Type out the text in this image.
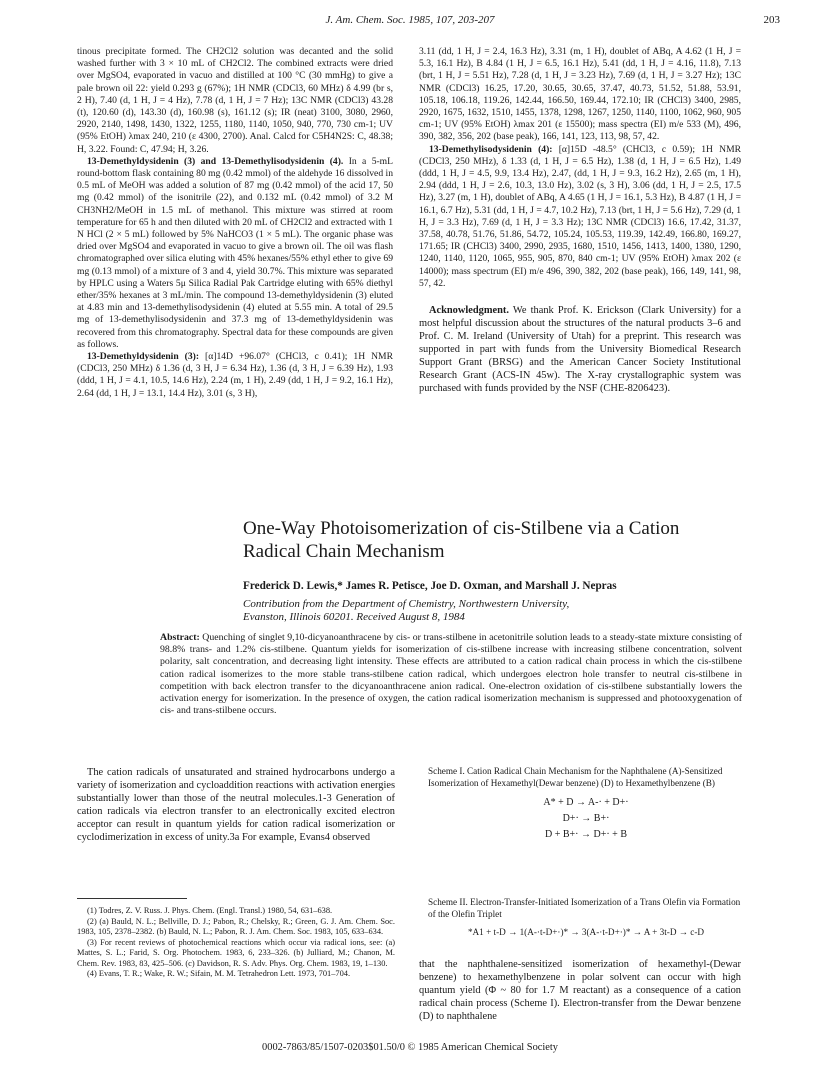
J. Am. Chem. Soc. 1985, 107, 203-207	203

tinous precipitate formed. The CH2Cl2 solution was decanted and the solid washed further with 3 × 10 mL of CH2Cl2. The combined extracts were dried over MgSO4, evaporated in vacuo and distilled at 100 °C (30 mmHg) to give a pale brown oil 22: yield 0.293 g (67%); 1H NMR (CDCl3, 60 MHz) δ 4.99 (br s, 2 H), 7.40 (d, 1 H, J = 4 Hz), 7.78 (d, 1 H, J = 7 Hz); 13C NMR (CDCl3) 43.28 (t), 120.60 (d), 143.30 (d), 160.98 (s), 161.12 (s); IR (neat) 3100, 3080, 2960, 2920, 2140, 1498, 1430, 1322, 1255, 1180, 1140, 1050, 940, 770, 730 cm-1; UV (95% EtOH) λmax 240, 210 (ε 4300, 2700). Anal. Calcd for C5H4N2S: C, 48.38; H, 3.22. Found: C, 47.94; H, 3.26.

13-Demethyldysidenin (3) and 13-Demethylisodysidenin (4). In a 5-mL round-bottom flask containing 80 mg (0.42 mmol) of the aldehyde 16 dissolved in 0.5 mL of MeOH was added a solution of 87 mg (0.42 mmol) of the acid 17, 50 mg (0.42 mmol) of the isonitrile (22), and 0.132 mL (0.42 mmol) of 3.2 M CH3NH2/MeOH in 1.5 mL of methanol. This mixture was stirred at room temperature for 65 h and then diluted with 20 mL of CH2Cl2 and extracted with 1 N HCl (2 × 5 mL) followed by 5% NaHCO3 (1 × 5 mL). The organic phase was dried over MgSO4 and evaporated in vacuo to give a brown oil. The oil was flash chromatographed over silica eluting with 45% hexanes/55% ethyl ether to give 69 mg (0.13 mmol) of a mixture of 3 and 4, yield 30.7%. This mixture was separated by HPLC using a Waters 5μ Silica Radial Pak Cartridge eluting with 65% diethyl ether/35% hexanes at 3 mL/min. The compound 13-demethyldysidenin (3) eluted at 4.83 min and 13-demethylisodysidenin (4) eluted at 5.55 min. A total of 29.5 mg of 13-demethylisodysidenin and 37.3 mg of 13-demethyldysidenin was recovered from this chromatography. Spectral data for these compounds are given as follows.

13-Demethyldysidenin (3): [α]14D +96.07° (CHCl3, c 0.41); 1H NMR (CDCl3, 250 MHz) δ 1.36 (d, 3 H, J = 6.34 Hz), 1.36 (d, 3 H, J = 6.39 Hz), 1.93 (ddd, 1 H, J = 4.1, 10.5, 14.6 Hz), 2.24 (m, 1 H), 2.49 (dd, 1 H, J = 9.2, 16.1 Hz), 2.64 (dd, 1 H, J = 13.1, 14.4 Hz), 3.01 (s, 3 H),

3.11 (dd, 1 H, J = 2.4, 16.3 Hz), 3.31 (m, 1 H), doublet of ABq, A 4.62 (1 H, J = 5.3, 16.1 Hz), B 4.84 (1 H, J = 6.5, 16.1 Hz), 5.41 (dd, 1 H, J = 4.16, 11.8), 7.13 (brt, 1 H, J = 5.51 Hz), 7.28 (d, 1 H, J = 3.23 Hz), 7.69 (d, 1 H, J = 3.27 Hz); 13C NMR (CDCl3) 16.25, 17.20, 30.65, 30.65, 37.47, 40.73, 51.52, 51.88, 53.91, 105.18, 106.18, 119.26, 142.44, 166.50, 169.44, 172.10; IR (CHCl3) 3400, 2985, 2920, 1675, 1632, 1510, 1455, 1378, 1298, 1267, 1250, 1140, 1100, 1062, 960, 905 cm-1; UV (95% EtOH) λmax 201 (ε 15500); mass spectra (EI) m/e 533 (M), 496, 390, 382, 356, 202 (base peak), 166, 141, 123, 113, 98, 57, 42.

13-Demethylisodysidenin (4): [α]15D -48.5° (CHCl3, c 0.59); 1H NMR (CDCl3, 250 MHz), δ 1.33 (d, 1 H, J = 6.5 Hz), 1.38 (d, 1 H, J = 6.5 Hz), 1.49 (ddd, 1 H, J = 4.5, 9.9, 13.4 Hz), 2.47, (dd, 1 H, J = 9.3, 16.2 Hz), 2.65 (m, 1 H), 2.94 (ddd, 1 H, J = 2.6, 10.3, 13.0 Hz), 3.02 (s, 3 H), 3.06 (dd, 1 H, J = 2.5, 17.5 Hz), 3.27 (m, 1 H), doublet of ABq, A 4.65 (1 H, J = 16.1, 5.3 Hz), B 4.87 (1 H, J = 16.1, 6.7 Hz), 5.31 (dd, 1 H, J = 4.7, 10.2 Hz), 7.13 (brt, 1 H, J = 5.6 Hz), 7.29 (d, 1 H, J = 3.3 Hz), 7.69 (d, 1 H, J = 3.3 Hz); 13C NMR (CDCl3) 16.6, 17.42, 31.37, 37.58, 40.78, 51.76, 51.86, 54.72, 105.24, 105.53, 119.39, 142.49, 166.80, 169.27, 171.65; IR (CHCl3) 3400, 2990, 2935, 1680, 1510, 1456, 1413, 1400, 1380, 1290, 1240, 1140, 1120, 1065, 955, 905, 870, 840 cm-1; UV (95% EtOH) λmax 202 (ε 14000); mass spectrum (EI) m/e 496, 390, 382, 202 (base peak), 166, 149, 141, 98, 57, 42.

Acknowledgment. We thank Prof. K. Erickson (Clark University) for a most helpful discussion about the structures of the natural products 3–6 and Prof. C. M. Ireland (University of Utah) for a preprint. This research was supported in part with funds from the University Biomedical Research Support Grant (BRSG) and the American Cancer Society Institutional Research Grant (ACS-IN 45w). The X-ray crystallographic system was purchased with funds provided by the NSF (CHE-8206423).

One-Way Photoisomerization of cis-Stilbene via a Cation Radical Chain Mechanism
Frederick D. Lewis,* James R. Petisce, Joe D. Oxman, and Marshall J. Nepras
Contribution from the Department of Chemistry, Northwestern University,
Evanston, Illinois 60201. Received August 8, 1984
Abstract: Quenching of singlet 9,10-dicyanoanthracene by cis- or trans-stilbene in acetonitrile solution leads to a steady-state mixture consisting of 98.8% trans- and 1.2% cis-stilbene. Quantum yields for isomerization of cis-stilbene increase with increasing stilbene concentration, solvent polarity, salt concentration, and decreasing light intensity. These effects are attributed to a cation radical chain process in which the cis-stilbene cation radical isomerizes to the more stable trans-stilbene cation radical, which undergoes electron hole transfer to neutral cis-stilbene in competition with back electron transfer to the dicyanoanthracene anion radical. One-electron oxidation of cis-stilbene substantially lowers the activation energy for isomerization. In the presence of oxygen, the cation radical isomerization mechanism is suppressed and photooxygenation of cis- and trans-stilbene occurs.

The cation radicals of unsaturated and strained hydrocarbons undergo a variety of isomerization and cycloaddition reactions with activation energies substantially lower than those of the neutral molecules.1-3 Generation of cation radicals via electron transfer to an electronically excited electron acceptor can result in quantum yields for cation radical isomerization or cyclodimerization in excess of unity.3a For example, Evans4 observed

(1) Todres, Z. V. Russ. J. Phys. Chem. (Engl. Transl.) 1980, 54, 631–638.

(2) (a) Bauld, N. L.; Bellville, D. J.; Pabon, R.; Chelsky, R.; Green, G. J. Am. Chem. Soc. 1983, 105, 2378–2382. (b) Bauld, N. L.; Pabon, R. J. Am. Chem. Soc. 1983, 105, 633–634.

(3) For recent reviews of photochemical reactions which occur via radical ions, see: (a) Mattes, S. L.; Farid, S. Org. Photochem. 1983, 6, 233–326. (b) Julliard, M.; Chanon, M. Chem. Rev. 1983, 83, 425–506. (c) Davidson, R. S. Adv. Phys. Org. Chem. 1983, 19, 1–130.

(4) Evans, T. R.; Wake, R. W.; Sifain, M. M. Tetrahedron Lett. 1973, 701–704.

Scheme I. Cation Radical Chain Mechanism for the Naphthalene (A)-Sensitized Isomerization of Hexamethyl(Dewar benzene) (D) to Hexamethylbenzene (B)
A* + D → A-· + D+·
D+· → B+·
D + B+· → D+· + B
Scheme II. Electron-Transfer-Initiated Isomerization of a Trans Olefin via Formation of the Olefin Triplet
*A1 + t-D → 1(A-·t-D+·)* → 3(A-·t-D+·)* → A + 3t-D → c-D
that the naphthalene-sensitized isomerization of hexamethyl-(Dewar benzene) to hexamethylbenzene in polar solvent can occur with high quantum yield (Φ ~ 80 for 1.7 M reactant) as a consequence of a cation radical chain process (Scheme I). Electron-transfer from the Dewar benzene (D) to naphthalene
0002-7863/85/1507-0203$01.50/0 © 1985 American Chemical Society
